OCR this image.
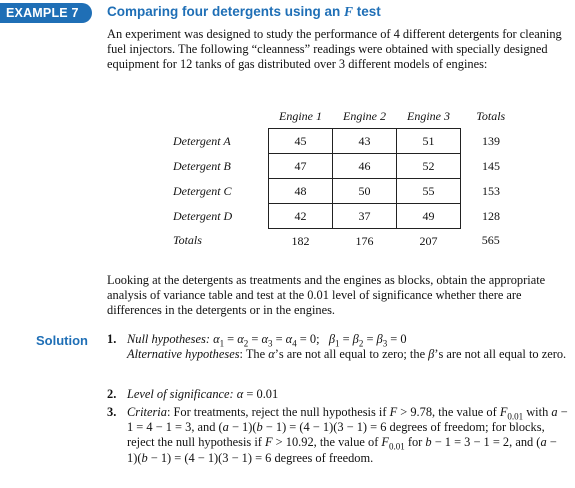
EXAMPLE 7	Comparing four detergents using an F test
An experiment was designed to study the performance of 4 different detergents for cleaning fuel injectors. The following “cleanness” readings were obtained with specially designed equipment for 12 tanks of gas distributed over 3 different models of engines:
	Engine 1	Engine 2	Engine 3	Totals
Detergent A	45	43	51	139
Detergent B	47	46	52	145
Detergent C	48	50	55	153
Detergent D	42	37	49	128
Totals	182	176	207	565
Looking at the detergents as treatments and the engines as blocks, obtain the appropriate analysis of variance table and test at the 0.01 level of significance whether there are differences in the detergents or in the engines.
Solution 1. Null hypotheses: $\alpha_1 = \alpha_2 = \alpha_3 = \alpha_4 = 0$;   $\beta_1 = \beta_2 = \beta_3 = 0$
Alternative hypotheses: The α’s are not all equal to zero; the β’s are not all equal to zero.
2. Level of significance: α = 0.01
3. Criteria: For treatments, reject the null hypothesis if F > 9.78, the value of $F_{0.01}$ with a − 1 = 4 − 1 = 3, and (a − 1)(b − 1) = (4 − 1)(3 − 1) = 6 degrees of freedom; for blocks, reject the null hypothesis if F > 10.92, the value of $F_{0.01}$ for b − 1 = 3 − 1 = 2, and (a − 1)(b − 1) = (4 − 1)(3 − 1) = 6 degrees of freedom.
